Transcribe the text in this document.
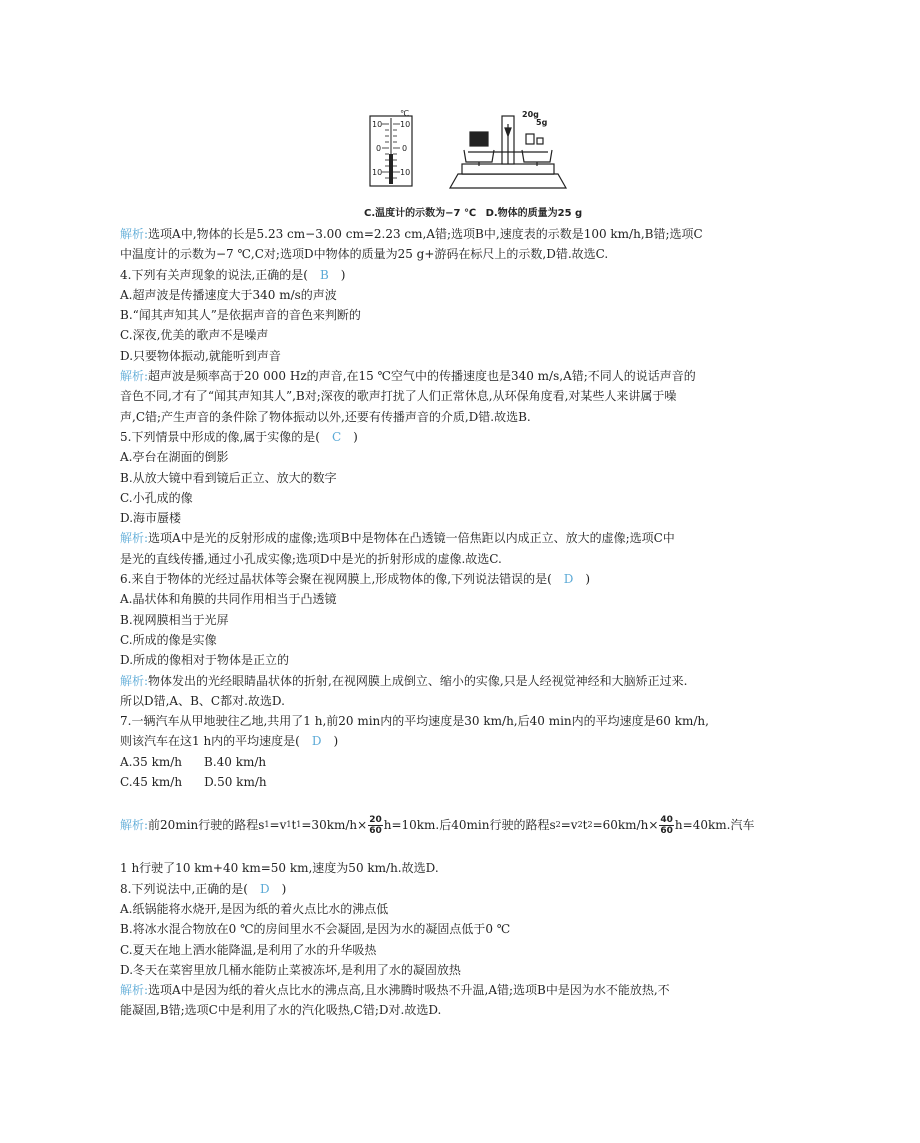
10
0
10
10
0
10
℃	20g
5g
C.温度计的示数为−7 ℃ D.物体的质量为25 g
解析:选项A中,物体的长是5.23 cm−3.00 cm=2.23 cm,A错;选项B中,速度表的示数是100 km/h,B错;选项C
中温度计的示数为−7 ℃,C对;选项D中物体的质量为25 g+游码在标尺上的示数,D错.故选C.
4.下列有关声现象的说法,正确的是( B )
A.超声波是传播速度大于340 m/s的声波
B.“闻其声知其人”是依据声音的音色来判断的
C.深夜,优美的歌声不是噪声
D.只要物体振动,就能听到声音
解析:超声波是频率高于20 000 Hz的声音,在15 ℃空气中的传播速度也是340 m/s,A错;不同人的说话声音的
音色不同,才有了“闻其声知其人”,B对;深夜的歌声打扰了人们正常休息,从环保角度看,对某些人来讲属于噪
声,C错;产生声音的条件除了物体振动以外,还要有传播声音的介质,D错.故选B.
5.下列情景中形成的像,属于实像的是( C )
A.亭台在湖面的倒影
B.从放大镜中看到镜后正立、放大的数字
C.小孔成的像
D.海市蜃楼
解析:选项A中是光的反射形成的虚像;选项B中是物体在凸透镜一倍焦距以内成正立、放大的虚像;选项C中
是光的直线传播,通过小孔成实像;选项D中是光的折射形成的虚像.故选C.
6.来自于物体的光经过晶状体等会聚在视网膜上,形成物体的像,下列说法错误的是( D )
A.晶状体和角膜的共同作用相当于凸透镜
B.视网膜相当于光屏
C.所成的像是实像
D.所成的像相对于物体是正立的
解析:物体发出的光经眼睛晶状体的折射,在视网膜上成倒立、缩小的实像,只是人经视觉神经和大脑矫正过来.
所以D错,A、B、C都对.故选D.
7.一辆汽车从甲地驶往乙地,共用了1 h,前20 min内的平均速度是30 km/h,后40 min内的平均速度是60 km/h,
则该汽车在这1 h内的平均速度是( D )
A.35 km/h B.40 km/h
C.45 km/h D.50 km/h
解析: 前20min行驶的路程s 1 =v 1 t $1 =30km/h\times \frac{20}{60} h=10km$.后40min行驶的路程s 2 =v 2 t $2 =60km/h\times \frac{40}{60} h=40km$.汽车
1 h行驶了10 km+40 km=50 km,速度为50 km/h.故选D.
8.下列说法中,正确的是( D )
A.纸锅能将水烧开,是因为纸的着火点比水的沸点低
B.将冰水混合物放在0 ℃的房间里水不会凝固,是因为水的凝固点低于0 ℃
C.夏天在地上洒水能降温,是利用了水的升华吸热
D.冬天在菜窖里放几桶水能防止菜被冻坏,是利用了水的凝固放热
解析:选项A中是因为纸的着火点比水的沸点高,且水沸腾时吸热不升温,A错;选项B中是因为水不能放热,不
能凝固,B错;选项C中是利用了水的汽化吸热,C错;D对.故选D.
